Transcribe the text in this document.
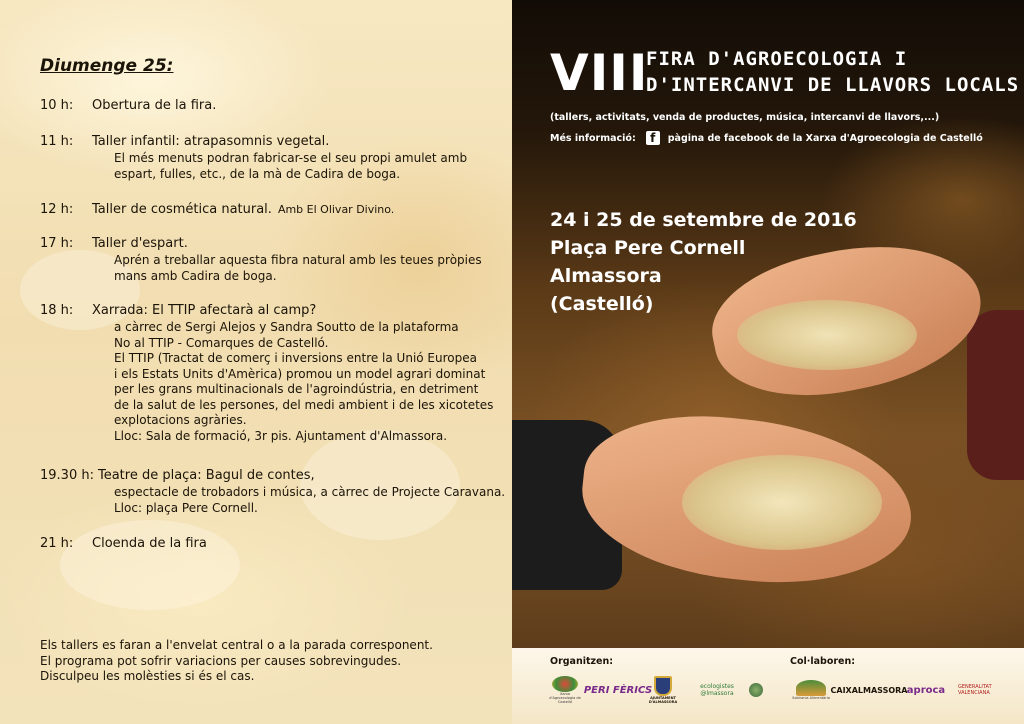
Diumenge 25:
10 h: Obertura de la fira.
11 h: Taller infantil: atrapasomnis vegetal.
El més menuts podran fabricar-se el seu propi amulet amb
espart, fulles, etc., de la mà de Cadira de boga.
12 h: Taller de cosmética natural. Amb El Olivar Divino.
17 h: Taller d'espart.
Aprén a treballar aquesta fibra natural amb les teues pròpies
mans amb Cadira de boga.
18 h: Xarrada: El TTIP afectarà al camp?
a càrrec de Sergi Alejos y Sandra Soutto de la plataforma
No al TTIP - Comarques de Castelló.
El TTIP (Tractat de comerç i inversions entre la Unió Europea
i els Estats Units d'Amèrica) promou un model agrari dominat
per les grans multinacionals de l'agroindústria, en detriment
de la salut de les persones, del medi ambient i de les xicotetes
explotacions agràries.
Lloc: Sala de formació, 3r pis. Ajuntament d'Almassora.
19.30 h: Teatre de plaça: Bagul de contes,
espectacle de trobadors i música, a càrrec de Projecte Caravana.
Lloc: plaça Pere Cornell.
21 h: Cloenda de la fira
Els tallers es faran a l'envelat central o a la parada corresponent.
El programa pot sofrir variacions per causes sobrevingudes.
Disculpeu les molèsties si és el cas.
VIII
FIRA D'AGROECOLOGIA I
D'INTERCANVI DE LLAVORS LOCALS
(tallers, activitats, venda de productes, música, intercanvi de llavors,...)
Més informació:	f	pàgina de facebook de la Xarxa d'Agroecologia de Castelló
24 i 25 de setembre de 2016
Plaça Pere Cornell
Almassora
(Castelló)
Organitzen:	Col·laboren:
Xarxa d'Agroecologia de Castelló
PERI FÈRICS
AJUNTAMENT D'ALMASSORA
ecologistes @lmassora
Sobirania Alimentària
CAIXALMASSORA aproca	GENERALITAT VALENCIANA
